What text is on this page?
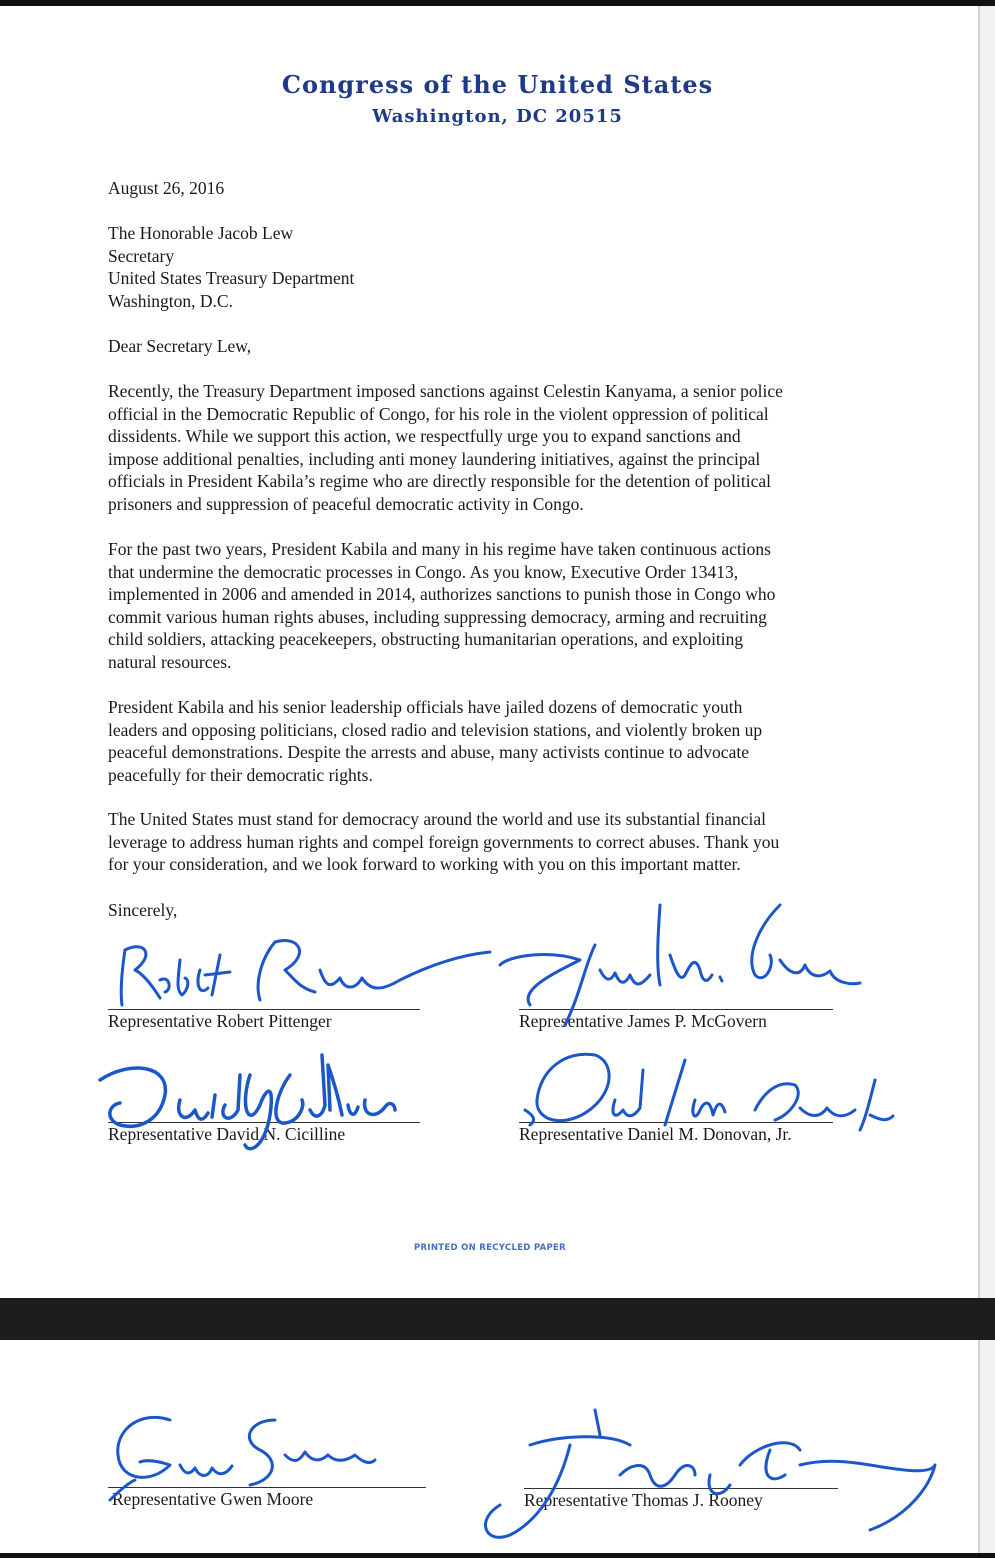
Congress of the United States
Washington, DC 20515
August 26, 2016
The Honorable Jacob Lew
Secretary
United States Treasury Department
Washington, D.C.
Dear Secretary Lew,
Recently, the Treasury Department imposed sanctions against Celestin Kanyama, a senior police
official in the Democratic Republic of Congo, for his role in the violent oppression of political
dissidents. While we support this action, we respectfully urge you to expand sanctions and
impose additional penalties, including anti money laundering initiatives, against the principal
officials in President Kabila’s regime who are directly responsible for the detention of political
prisoners and suppression of peaceful democratic activity in Congo.
For the past two years, President Kabila and many in his regime have taken continuous actions
that undermine the democratic processes in Congo. As you know, Executive Order 13413,
implemented in 2006 and amended in 2014, authorizes sanctions to punish those in Congo who
commit various human rights abuses, including suppressing democracy, arming and recruiting
child soldiers, attacking peacekeepers, obstructing humanitarian operations, and exploiting
natural resources.
President Kabila and his senior leadership officials have jailed dozens of democratic youth
leaders and opposing politicians, closed radio and television stations, and violently broken up
peaceful demonstrations. Despite the arrests and abuse, many activists continue to advocate
peacefully for their democratic rights.
The United States must stand for democracy around the world and use its substantial financial
leverage to address human rights and compel foreign governments to correct abuses. Thank you
for your consideration, and we look forward to working with you on this important matter.
Sincerely,
Representative Robert Pittenger	Representative James P. McGovern
Representative David N. Cicilline	Representative Daniel M. Donovan, Jr.
PRINTED ON RECYCLED PAPER
Representative Gwen Moore	Representative Thomas J. Rooney
